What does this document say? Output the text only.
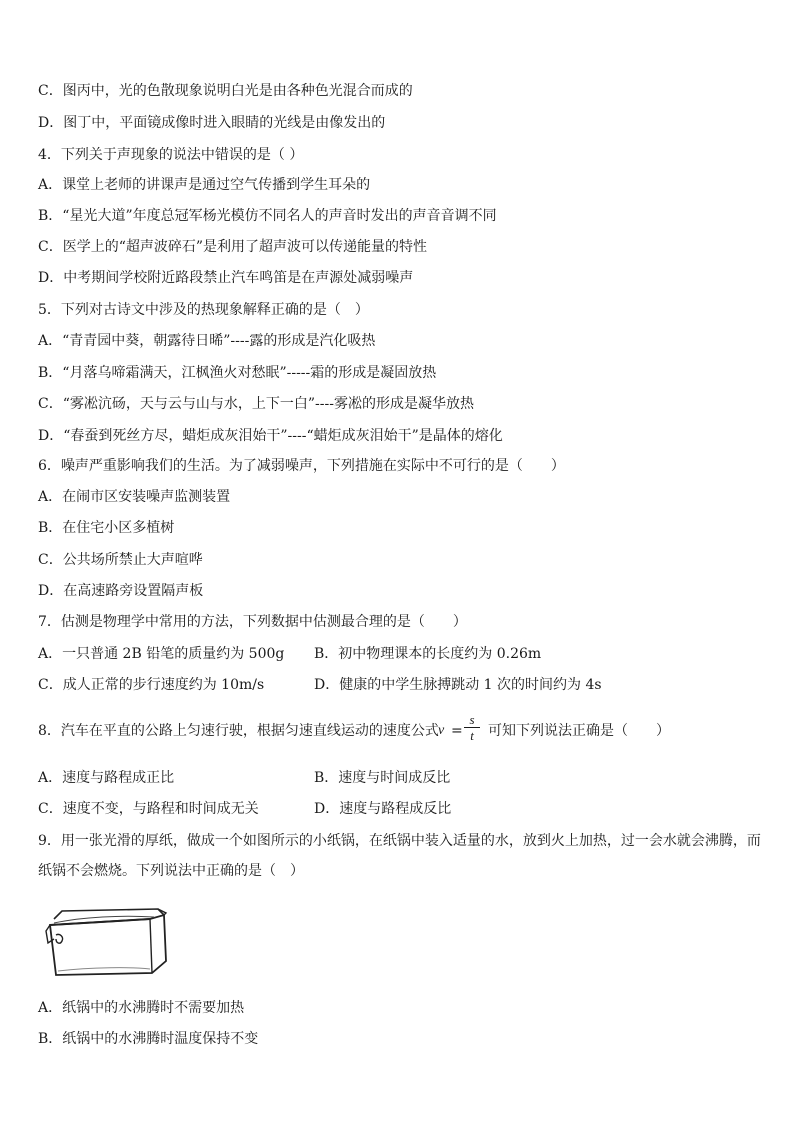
C．图丙中，光的色散现象说明白光是由各种色光混合而成的
D．图丁中，平面镜成像时进入眼睛的光线是由像发出的
4．下列关于声现象的说法中错误的是（ ）
A．课堂上老师的讲课声是通过空气传播到学生耳朵的
B．“星光大道”年度总冠军杨光模仿不同名人的声音时发出的声音音调不同
C．医学上的“超声波碎石”是利用了超声波可以传递能量的特性
D．中考期间学校附近路段禁止汽车鸣笛是在声源处减弱噪声
5．下列对古诗文中涉及的热现象解释正确的是（　）
A．“青青园中葵，朝露待日晞”----露的形成是汽化吸热
B．“月落乌啼霜满天，江枫渔火对愁眠”-----霜的形成是凝固放热
C．“雾凇沆砀，天与云与山与水，上下一白”----雾凇的形成是凝华放热
D．“春蚕到死丝方尽，蜡炬成灰泪始干”----“蜡炬成灰泪始干”是晶体的熔化
6．噪声严重影响我们的生活。为了减弱噪声，下列措施在实际中不可行的是（　　）
A．在闹市区安装噪声监测装置
B．在住宅小区多植树
C．公共场所禁止大声喧哗
D．在高速路旁设置隔声板
7．估测是物理学中常用的方法，下列数据中估测最合理的是（　　）
A．一只普通 2B 铅笔的质量约为 500g B．初中物理课本的长度约为 0.26m
C．成人正常的步行速度约为 10m/s	D．健康的中学生脉搏跳动 1 次的时间约为 4s
8．汽车在平直的公路上匀速行驶，根据匀速直线运动的速度公式 v =
s
t	可知下列说法正确是（　　）
A．速度与路程成正比	B．速度与时间成反比
C．速度不变，与路程和时间成无关	D．速度与路程成反比
9．用一张光滑的厚纸，做成一个如图所示的小纸锅，在纸锅中装入适量的水，放到火上加热，过一会水就会沸腾，而
纸锅不会燃烧。下列说法中正确的是（　）
A．纸锅中的水沸腾时不需要加热
B．纸锅中的水沸腾时温度保持不变
